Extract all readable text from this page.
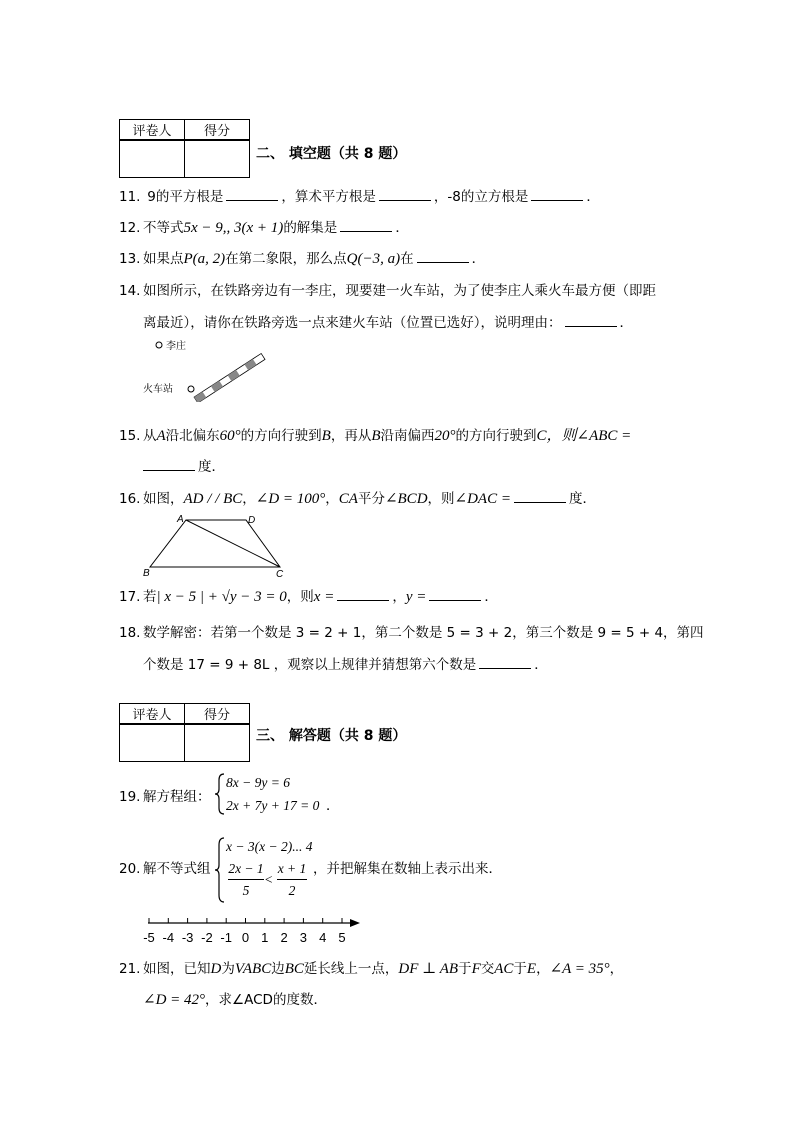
评卷人	得分

二、 填空题（共 8 题）
11. 9的平方根是	，算术平方根是	，-8的立方根是	．
12. 不等式5x − 9,, 3(x + 1)的解集是	．
13. 如果点P(a, 2)在第二象限，那么点Q(−3, a)在	．
14. 如图所示，在铁路旁边有一李庄，现要建一火车站，为了使李庄人乘火车最方便（即距
离最近），请你在铁路旁选一点来建火车站（位置已选好），说明理由：	．
李庄
火车站
15. 从A沿北偏东60°的方向行驶到B，再从B沿南偏西20°的方向行驶到C，则∠ABC =
度．
16. 如图，AD / / BC，∠D = 100°，CA平分∠BCD，则∠DAC =	度．
A	D
B	C
17. 若| x − 5 | + √y − 3 = 0，则x =	，y =	．
18. 数学解密：若第一个数是 3 = 2 + 1，第二个数是 5 = 3 + 2，第三个数是 9 = 5 + 4，第四
个数是 17 = 9 + 8L ，观察以上规律并猜想第六个数是	．
评卷人	得分

三、 解答题（共 8 题）
19. 解方程组：
8x − 9y = 6
2x + 7y + 17 = 0 ．
20. 解不等式组
x − 3(x − 2)... 4
2x − 1
5
<
x + 1
2
，并把解集在数轴上表示出来．
-5 -4 -3 -2 -1 0 1 2 3 4 5
21. 如图，已知D为VABC边BC延长线上一点，DF ⊥ AB于F交AC于E，∠A = 35°，
∠D = 42°，求∠ACD的度数．
